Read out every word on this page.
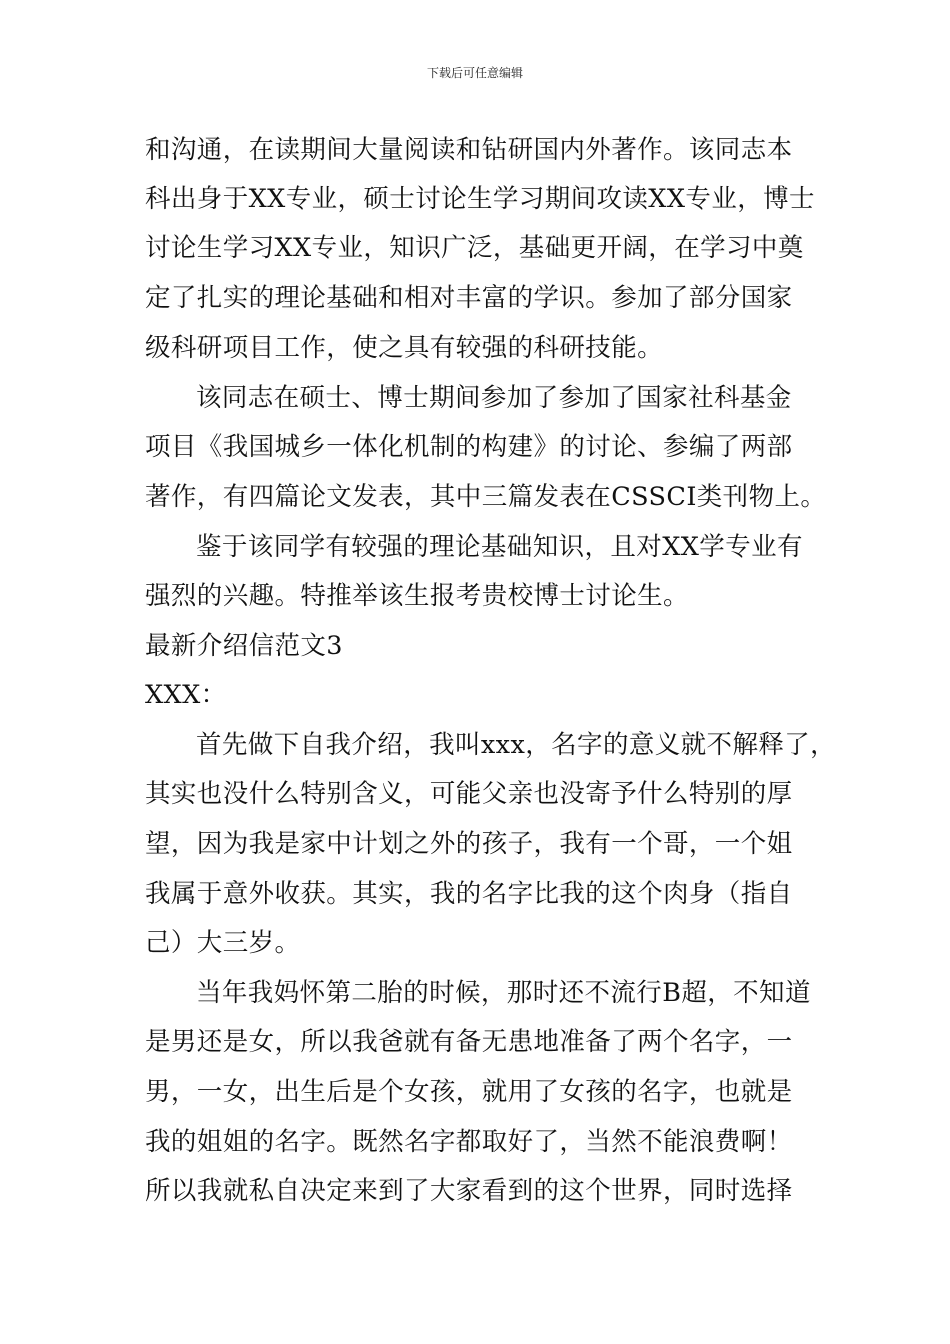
下载后可任意编辑
和沟通，在读期间大量阅读和钻研国内外著作。该同志本
科出身于XX专业，硕士讨论生学习期间攻读XX专业，博士
讨论生学习XX专业，知识广泛，基础更开阔，在学习中奠
定了扎实的理论基础和相对丰富的学识。参加了部分国家
级科研项目工作，使之具有较强的科研技能。
该同志在硕士、博士期间参加了参加了国家社科基金
项目《我国城乡一体化机制的构建》的讨论、参编了两部
著作，有四篇论文发表，其中三篇发表在CSSCI类刊物上。
鉴于该同学有较强的理论基础知识，且对XX学专业有
强烈的兴趣。特推举该生报考贵校博士讨论生。
最新介绍信范文3
XXX：
首先做下自我介绍，我叫xxx，名字的意义就不解释了，
其实也没什么特别含义，可能父亲也没寄予什么特别的厚
望，因为我是家中计划之外的孩子，我有一个哥，一个姐
我属于意外收获。其实，我的名字比我的这个肉身（指自
己）大三岁。
当年我妈怀第二胎的时候，那时还不流行B超，不知道
是男还是女，所以我爸就有备无患地准备了两个名字，一
男，一女，出生后是个女孩，就用了女孩的名字，也就是
我的姐姐的名字。既然名字都取好了，当然不能浪费啊！
所以我就私自决定来到了大家看到的这个世界，同时选择
